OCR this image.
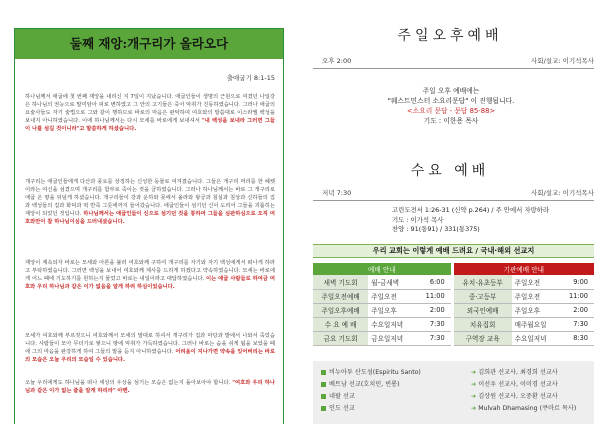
둘째 재앙:개구리가 올라오다
출애굽기 8:1-15
하나님께서 애굽에 첫 번째 재앙을 내리신 지 7일이 지났습니다. 애굽인들이 생명의 근원으로 여겼던 나일강은 하나님의 권능으로 말미암아 피로 변하였고 그 안의 고기들은 죽어 악취가 진동하였습니다. 그러나 애굽의 요술사들도 자기 술법으로 그와 같이 행하므로 바로의 마음은 완악하여 여호와의 말씀대로 이스라엘 백성을 보내지 아니하였습니다. 이에 하나님께서는 다시 모세를 바로에게 보내셔서 "내 백성을 보내라 그러면 그들이 나를 섬길 것이니라"고 말씀하게 하셨습니다.
개구리는 애굽인들에게 다산과 풍요를 상징하는 신성한 동물로 여겨졌습니다. 그들은 개구리 머리를 한 헤켓이라는 여신을 섬겼으며 개구리를 함부로 죽이는 것을 금하였습니다. 그러나 하나님께서는 바로 그 개구리로 애굽 온 땅을 뒤덮게 하셨습니다. 개구리들이 강과 운하와 못에서 올라와 왕궁과 침실과 침상과 신하들의 집과 백성들의 집과 화덕과 떡 반죽 그릇에까지 들어갔습니다. 애굽인들이 섬기던 신이 도리어 그들을 괴롭히는 재앙이 되었던 것입니다. 하나님께서는 애굽인들이 신으로 섬기던 것을 통하여 그들을 심판하심으로 오직 여호와만이 참 하나님이심을 드러내셨습니다.
재앙이 계속되자 바로는 모세와 아론을 불러 여호와께 구하여 개구리를 자기와 자기 백성에게서 떠나게 하라고 부탁하였습니다. 그러면 백성을 보내어 여호와께 제사를 드리게 하겠다고 약속하였습니다. 모세는 바로에게 어느 때에 기도하기를 원하는지 물었고 바로는 내일이라고 대답하였습니다. 이는 애굽 사람들로 하여금 여호와 우리 하나님과 같은 이가 없음을 알게 하려 하심이었습니다.
모세가 여호와께 부르짖으니 여호와께서 모세의 말대로 하셔서 개구리가 집과 마당과 밭에서 나와서 죽었습니다. 사람들이 모아 무더기로 쌓으니 땅에 악취가 가득하였습니다. 그러나 바로는 숨을 쉬게 됨을 보았을 때에 그의 마음을 완강하게 하여 그들의 말을 듣지 아니하였습니다. 어려움이 지나가면 약속을 잊어버리는 바로의 모습은 오늘 우리의 모습일 수 있습니다.
오늘 우리에게도 하나님을 떠나 세상의 우상을 섬기는 모습은 없는지 돌아보아야 합니다. "여호와 우리 하나님과 같은 이가 없는 줄을 알게 하리라" 아멘.
주일오후예배
오후 2:00	사회/설교: 이기석목사
주일 오후 예배에는
"웨스트민스터 소요리문답" 이 진행됩니다.
<소요리 문답 - 문답 85-88>
기도 : 이한용 목사
수요 예배
저녁 7:30	사회/설교: 이기석목사
고린도전서 1:26-31 (신약 p.264) / 주 안에서 자랑하라
기도 : 이가석 목사
찬양 : 91(통91) / 331(통375)
우리 교회는 이렇게 예배 드려요 / 국내·해외 선교지
예배 안내				기관예배 안내		
새벽 기도회	월-금새벽	6:00		유치·유초등부	주일오전	9:00
주일오전예배	주일오전	11:00		중·고등부	주일오전	11:00
주일오후예배	주일오후	2:00		외국인예배	주일오후	2:00
수 요 예 배	수요일저녁	7:30		치유집회	매주월요일	7:30
금요 기도회	금요일저녁	7:30		구역장 교육	수요일저녁	8:30
비누아투 산도섬(Espiritu Santo)	➔ 김희관 선교사, 최경희 선교사
베트남 선교(호치민, 빈롱)	➔ 이선우 선교사, 이미경 선교사
네팔 선교	➔ 김상원 선교사, 오중환 선교사
인도 선교	➔ Mulvah Dhamasing (쿠마르 목사)
